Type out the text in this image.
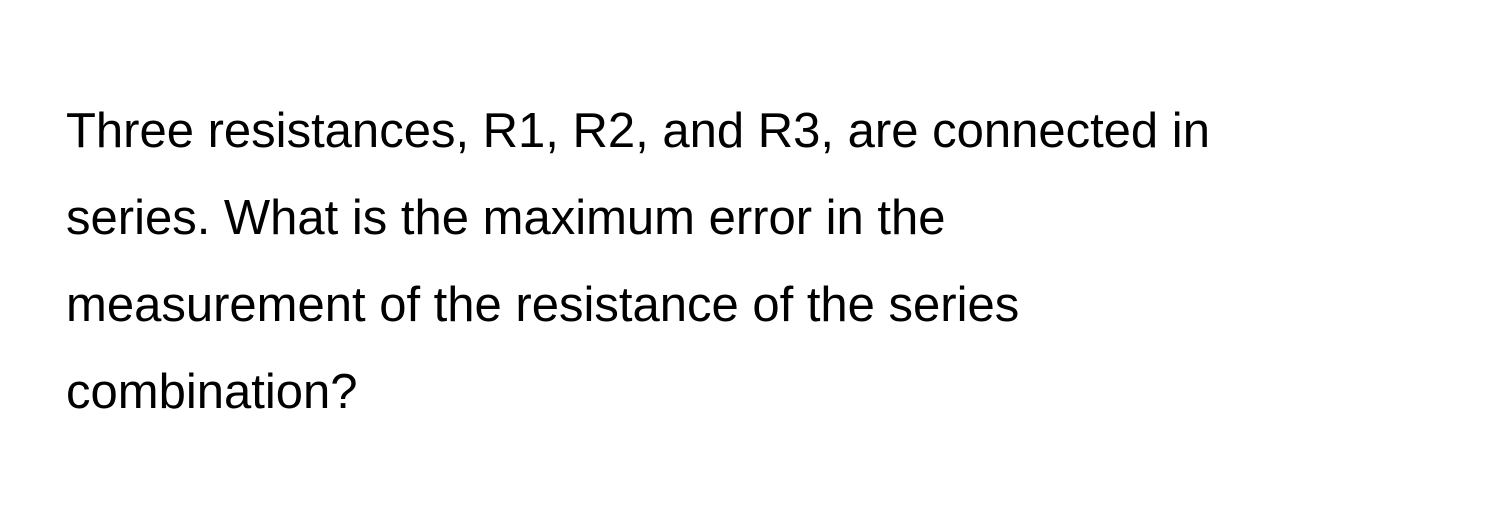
Three resistances, R1, R2, and R3, are connected in
series. What is the maximum error in the
measurement of the resistance of the series
combination?
